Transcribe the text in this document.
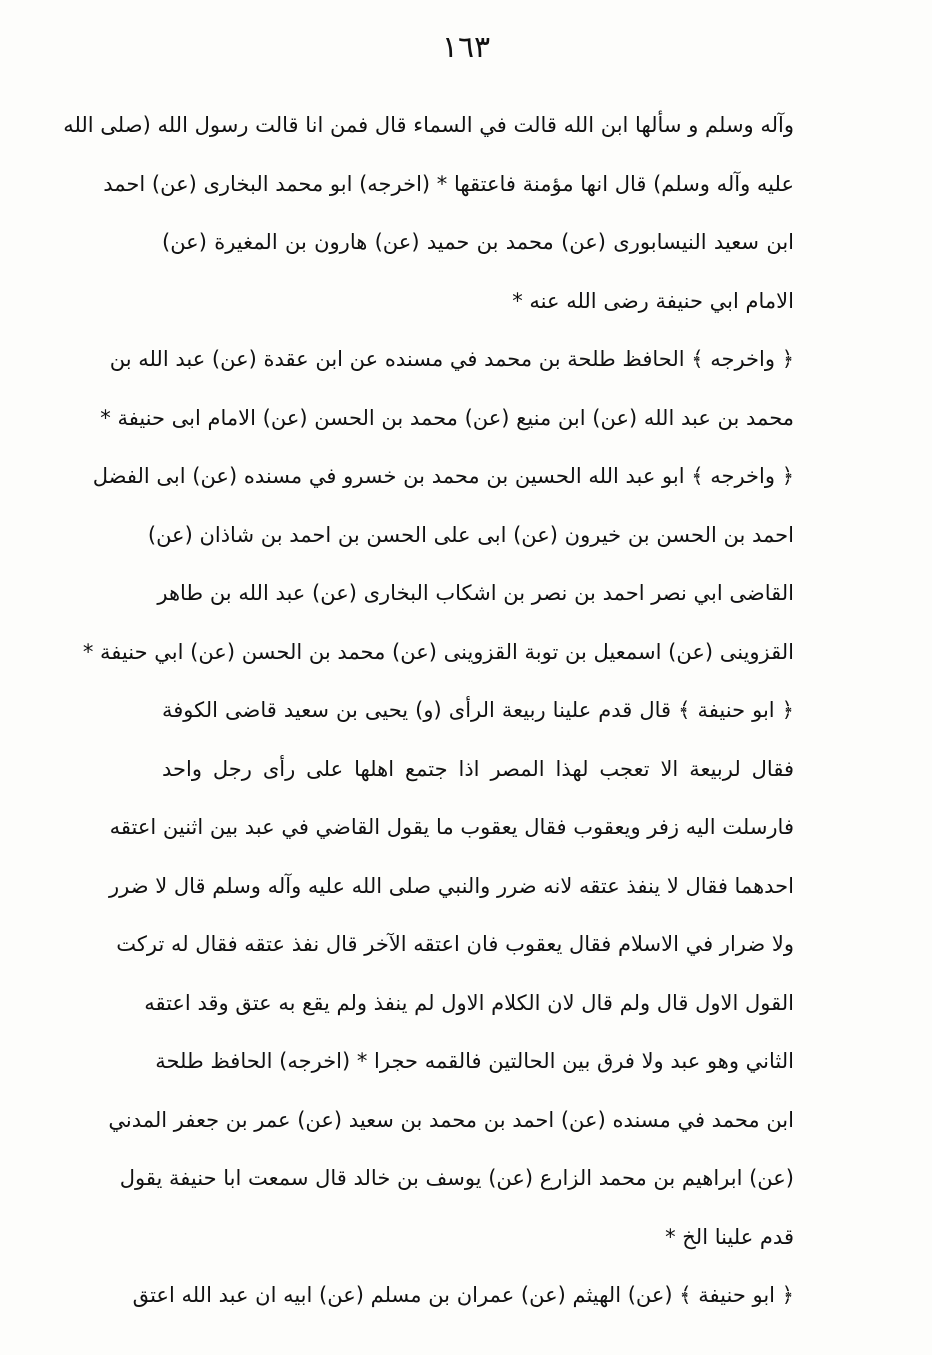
١٦٣
وآله وسلم و سألها ابن الله قالت في السماء قال فمن انا قالت رسول الله (صلى الله
عليه وآله وسلم) قال انها مؤمنة فاعتقها * (اخرجه) ابو محمد البخارى (عن) احمد
ابن سعيد النيسابورى (عن) محمد بن حميد (عن) هارون بن المغيرة (عن)
الامام ابي حنيفة رضى الله عنه *
﴿ واخرجه ﴾ الحافظ طلحة بن محمد في مسنده عن ابن عقدة (عن) عبد الله بن
محمد بن عبد الله (عن) ابن منيع (عن) محمد بن الحسن (عن) الامام ابى حنيفة *
﴿ واخرجه ﴾ ابو عبد الله الحسين بن محمد بن خسرو في مسنده (عن) ابى الفضل
احمد بن الحسن بن خيرون (عن) ابى على الحسن بن احمد بن شاذان (عن)
القاضى ابي نصر احمد بن نصر بن اشكاب البخارى (عن) عبد الله بن طاهر
القزوينى (عن) اسمعيل بن توبة القزوينى (عن) محمد بن الحسن (عن) ابي حنيفة *
﴿ ابو حنيفة ﴾ قال قدم علينا ربيعة الرأى (و) يحيى بن سعيد قاضى الكوفة
فقال لربيعة الا تعجب لهذا المصر اذا جتمع اهلها على رأى رجل واحد
فارسلت اليه زفر ويعقوب فقال يعقوب ما يقول القاضي في عبد بين اثنين اعتقه
احدهما فقال لا ينفذ عتقه لانه ضرر والنبي صلى الله عليه وآله وسلم قال لا ضرر
ولا ضرار في الاسلام فقال يعقوب فان اعتقه الآخر قال نفذ عتقه فقال له تركت
القول الاول قال ولم قال لان الكلام الاول لم ينفذ ولم يقع به عتق وقد اعتقه
الثاني وهو عبد ولا فرق بين الحالتين فالقمه حجرا * (اخرجه) الحافظ طلحة
ابن محمد في مسنده (عن) احمد بن محمد بن سعيد (عن) عمر بن جعفر المدني
(عن) ابراهيم بن محمد الزارع (عن) يوسف بن خالد قال سمعت ابا حنيفة يقول
قدم علينا الخ *
﴿ ابو حنيفة ﴾ (عن) الهيثم (عن) عمران بن مسلم (عن) ابيه ان عبد الله اعتق
